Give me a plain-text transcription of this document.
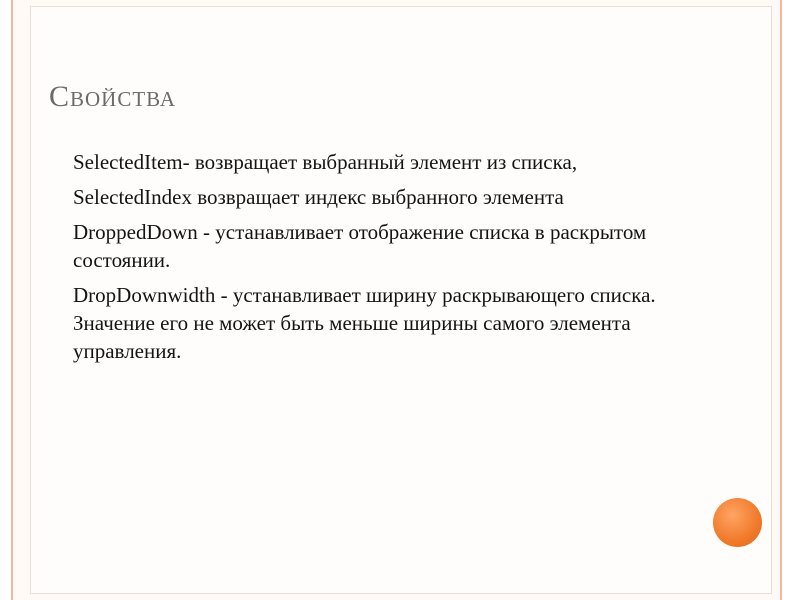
Свойства
SelectedItem- возвращает выбранный элемент из списка,
SelectedIndex возвращает индекс выбранного элемента
DroppedDown - устанавливает отображение списка в раскрытом состоянии.
DropDownwidth - устанавливает ширину раскрывающего списка. Значение его не может быть меньше ширины самого элемента управления.
